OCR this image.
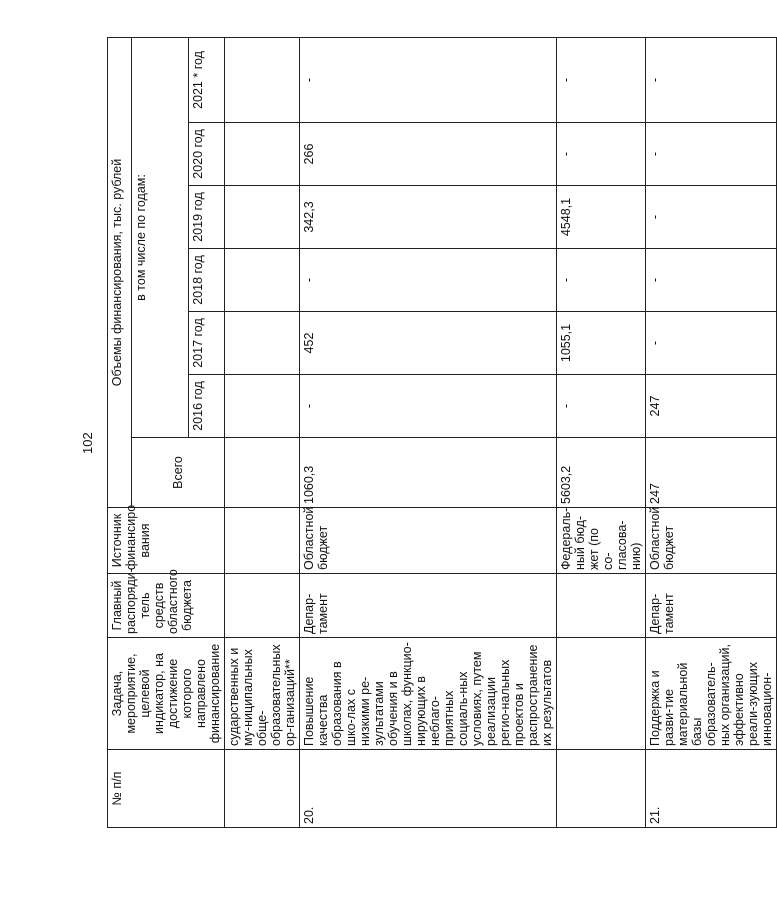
102
№ п/п	Задача, мероприятие, целевой индикатор, на достижение которого направлено финансирование	Главный распоряди-тель средств областного бюджета	Источник финансиро-вания	Объемы финансирования, тыс. рублей						
				Всего	в том числе по годам:					
					2016 год	2017 год	2018 год	2019 год	2020 год	2021 * год
	сударственных и му-ниципальных обще-образовательных ор-ганизаций**									
20.	Повышение качества образования в шко-лах с низкими ре-зультатами обучения и в школах, функцио-нирующих в неблаго-приятных социаль-ных условиях, путем реализации регио-нальных проектов и распространение их результатов	Депар-тамент	Областной бюджет	1060,3	-	452	-	342,3	266	-
			Федераль-ный бюд-жет (по со-гласова-нию)	5603,2	-	1055,1	-	4548,1	-	-
21.	Поддержка и разви-тие материальной базы образователь-ных организаций, эффективно реали-зующих инновацион-	Депар-тамент	Областной бюджет	247	247	-	-	-	-	-
